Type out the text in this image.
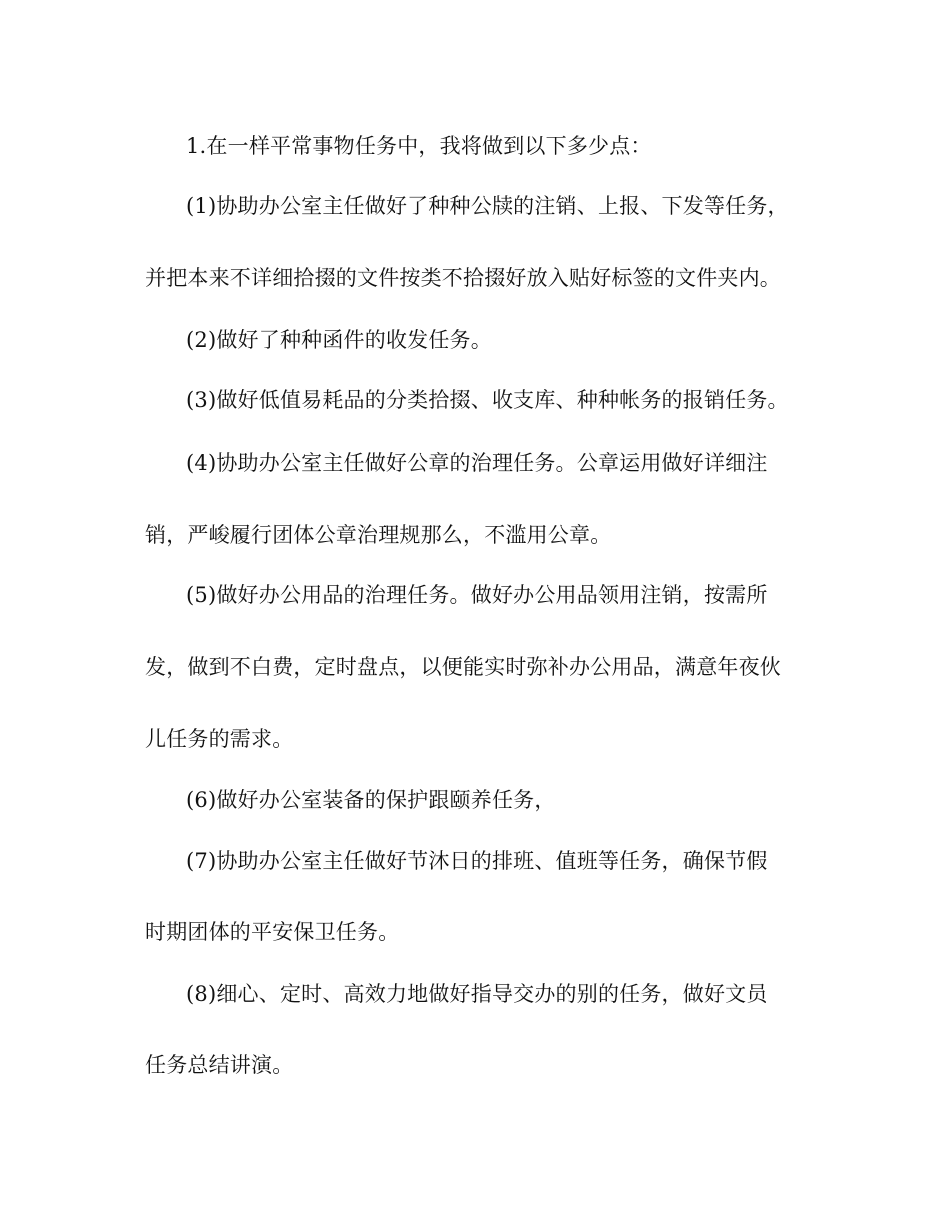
1.在一样平常事物任务中，我将做到以下多少点：
(1)协助办公室主任做好了种种公牍的注销、上报、下发等任务，
并把本来不详细拾掇的文件按类不拾掇好放入贴好标签的文件夹内。
(2)做好了种种函件的收发任务。
(3)做好低值易耗品的分类拾掇、收支库、种种帐务的报销任务。
(4)协助办公室主任做好公章的治理任务。公章运用做好详细注
销，严峻履行团体公章治理规那么，不滥用公章。
(5)做好办公用品的治理任务。做好办公用品领用注销，按需所
发，做到不白费，定时盘点，以便能实时弥补办公用品，满意年夜伙
儿任务的需求。
(6)做好办公室装备的保护跟颐养任务，
(7)协助办公室主任做好节沐日的排班、值班等任务，确保节假
时期团体的平安保卫任务。
(8)细心、定时、高效力地做好指导交办的别的任务，做好文员
任务总结讲演。
